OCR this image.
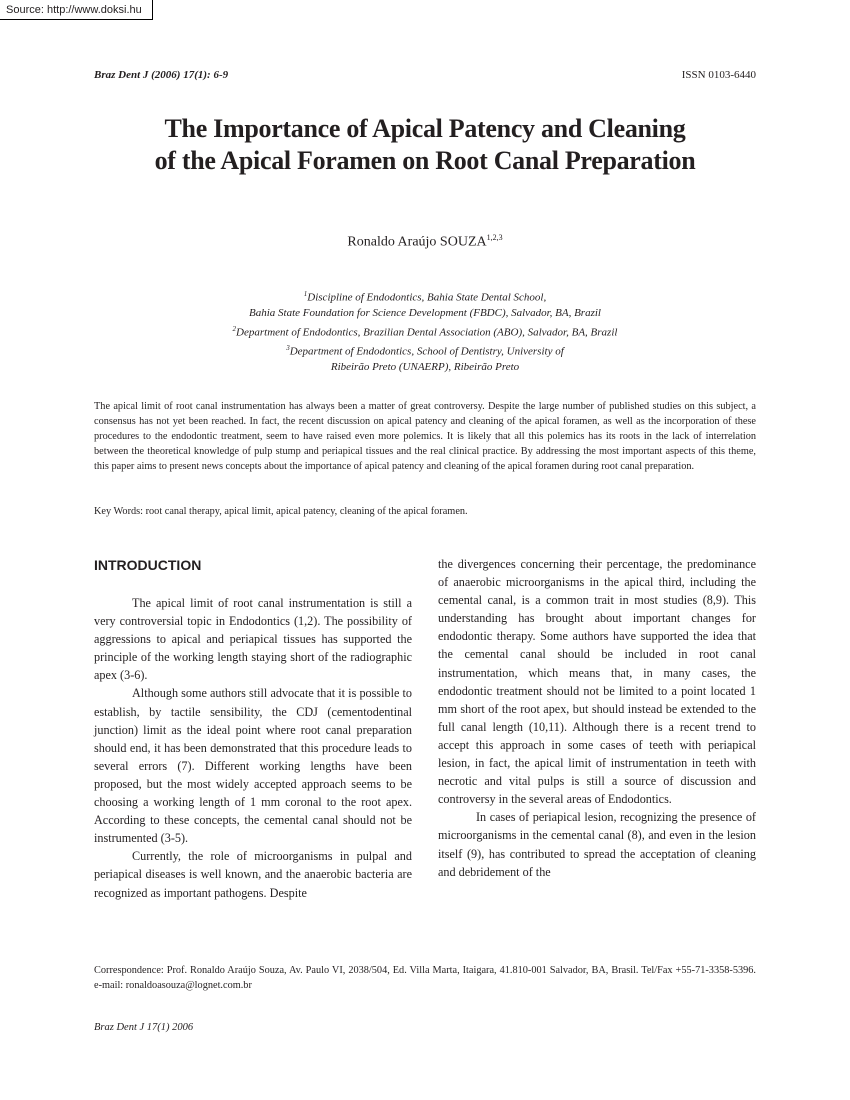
Source: http://www.doksi.hu
Braz Dent J (2006) 17(1): 6-9	ISSN 0103-6440
The Importance of Apical Patency and Cleaning
of the Apical Foramen on Root Canal Preparation
Ronaldo Araújo SOUZA$^{1,2,3}$
$^1$Discipline of Endodontics, Bahia State Dental School,
Bahia State Foundation for Science Development (FBDC), Salvador, BA, Brazil
$^2$Department of Endodontics, Brazilian Dental Association (ABO), Salvador, BA, Brazil
$^3$Department of Endodontics, School of Dentistry, University of
Ribeirão Preto (UNAERP), Ribeirão Preto

The apical limit of root canal instrumentation has always been a matter of great controversy. Despite the large number of published studies on this subject, a consensus has not yet been reached. In fact, the recent discussion on apical patency and cleaning of the apical foramen, as well as the incorporation of these procedures to the endodontic treatment, seem to have raised even more polemics. It is likely that all this polemics has its roots in the lack of interrelation between the theoretical knowledge of pulp stump and periapical tissues and the real clinical practice. By addressing the most important aspects of this theme, this paper aims to present news concepts about the importance of apical patency and cleaning of the apical foramen during root canal preparation.

Key Words: root canal therapy, apical limit, apical patency, cleaning of the apical foramen.
INTRODUCTION

The apical limit of root canal instrumentation is still a very controversial topic in Endodontics (1,2). The possibility of aggressions to apical and periapical tissues has supported the principle of the working length staying short of the radiographic apex (3-6).

Although some authors still advocate that it is possible to establish, by tactile sensibility, the CDJ (cementodentinal junction) limit as the ideal point where root canal preparation should end, it has been demonstrated that this procedure leads to several errors (7). Different working lengths have been proposed, but the most widely accepted approach seems to be choosing a working length of 1 mm coronal to the root apex. According to these concepts, the cemental canal should not be instrumented (3-5).

Currently, the role of microorganisms in pulpal and periapical diseases is well known, and the anaerobic bacteria are recognized as important pathogens. Despite

the divergences concerning their percentage, the predominance of anaerobic microorganisms in the apical third, including the cemental canal, is a common trait in most studies (8,9). This understanding has brought about important changes for endodontic therapy. Some authors have supported the idea that the cemental canal should be included in root canal instrumentation, which means that, in many cases, the endodontic treatment should not be limited to a point located 1 mm short of the root apex, but should instead be extended to the full canal length (10,11). Although there is a recent trend to accept this approach in some cases of teeth with periapical lesion, in fact, the apical limit of instrumentation in teeth with necrotic and vital pulps is still a source of discussion and controversy in the several areas of Endodontics.

In cases of periapical lesion, recognizing the presence of microorganisms in the cemental canal (8), and even in the lesion itself (9), has contributed to spread the acceptation of cleaning and debridement of the

Correspondence: Prof. Ronaldo Araújo Souza, Av. Paulo VI, 2038/504, Ed. Villa Marta, Itaigara, 41.810-001 Salvador, BA, Brasil. Tel/Fax +55-71-3358-5396. e-mail: ronaldoasouza@lognet.com.br
Braz Dent J 17(1) 2006
